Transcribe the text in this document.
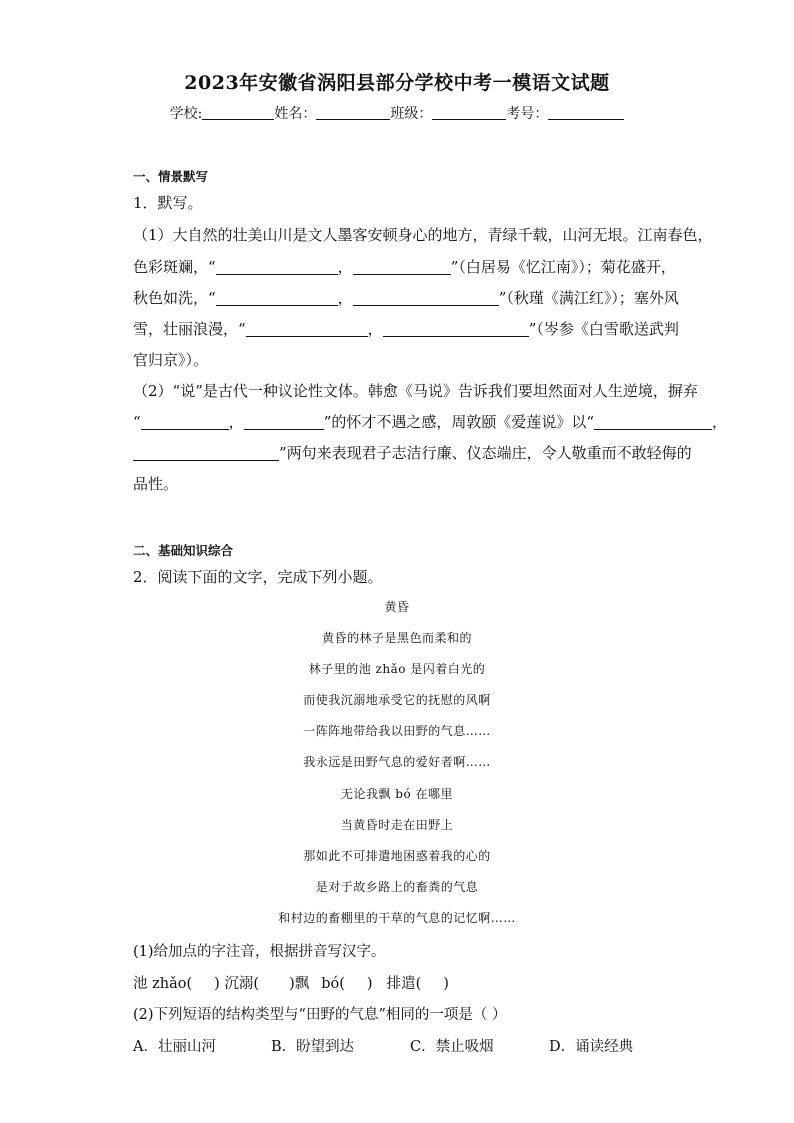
2023年安徽省涡阳县部分学校中考一模语文试题
学校:	姓名：	班级：	考号：
一、情景默写
1．默写。
（1）大自然的壮美山川是文人墨客安顿身心的地方，青绿千载，山河无垠。江南春色，
色彩斑斓，“	，	”（白居易《忆江南》）；菊花盛开，
秋色如洗，“	，	”（秋瑾《满江红》）；塞外风
雪，壮丽浪漫，“	，	”（岑参《白雪歌送武判
官归京》）。
（2）“说”是古代一种议论性文体。韩愈《马说》告诉我们要坦然面对人生逆境，摒弃
“	，	”的怀才不遇之感，周敦颐《爱莲说》以“	，
”两句来表现君子志洁行廉、仪态端庄，令人敬重而不敢轻侮的
品性。
二、基础知识综合
2．阅读下面的文字，完成下列小题。
黄昏
黄昏的林子是黑色而柔和的
林子里的池 zhǎo 是闪着白光的
而使我沉溺地承受它的抚慰的风啊
一阵阵地带给我以田野的气息……
我永远是田野气息的爱好者啊……
无论我飘 bó 在哪里
当黄昏时走在田野上
那如此不可排遣地困惑着我的心的
是对于故乡路上的畜粪的气息
和村边的畜棚里的干草的气息的记忆啊……
(1)给加点的字注音，根据拼音写汉字。
池 zhǎo( ) 沉溺( )飘 bó( ) 排遣( )
(2)下列短语的结构类型与“田野的气息”相同的一项是（ ）
A．壮丽山河	B．盼望到达	C．禁止吸烟	D．诵读经典
